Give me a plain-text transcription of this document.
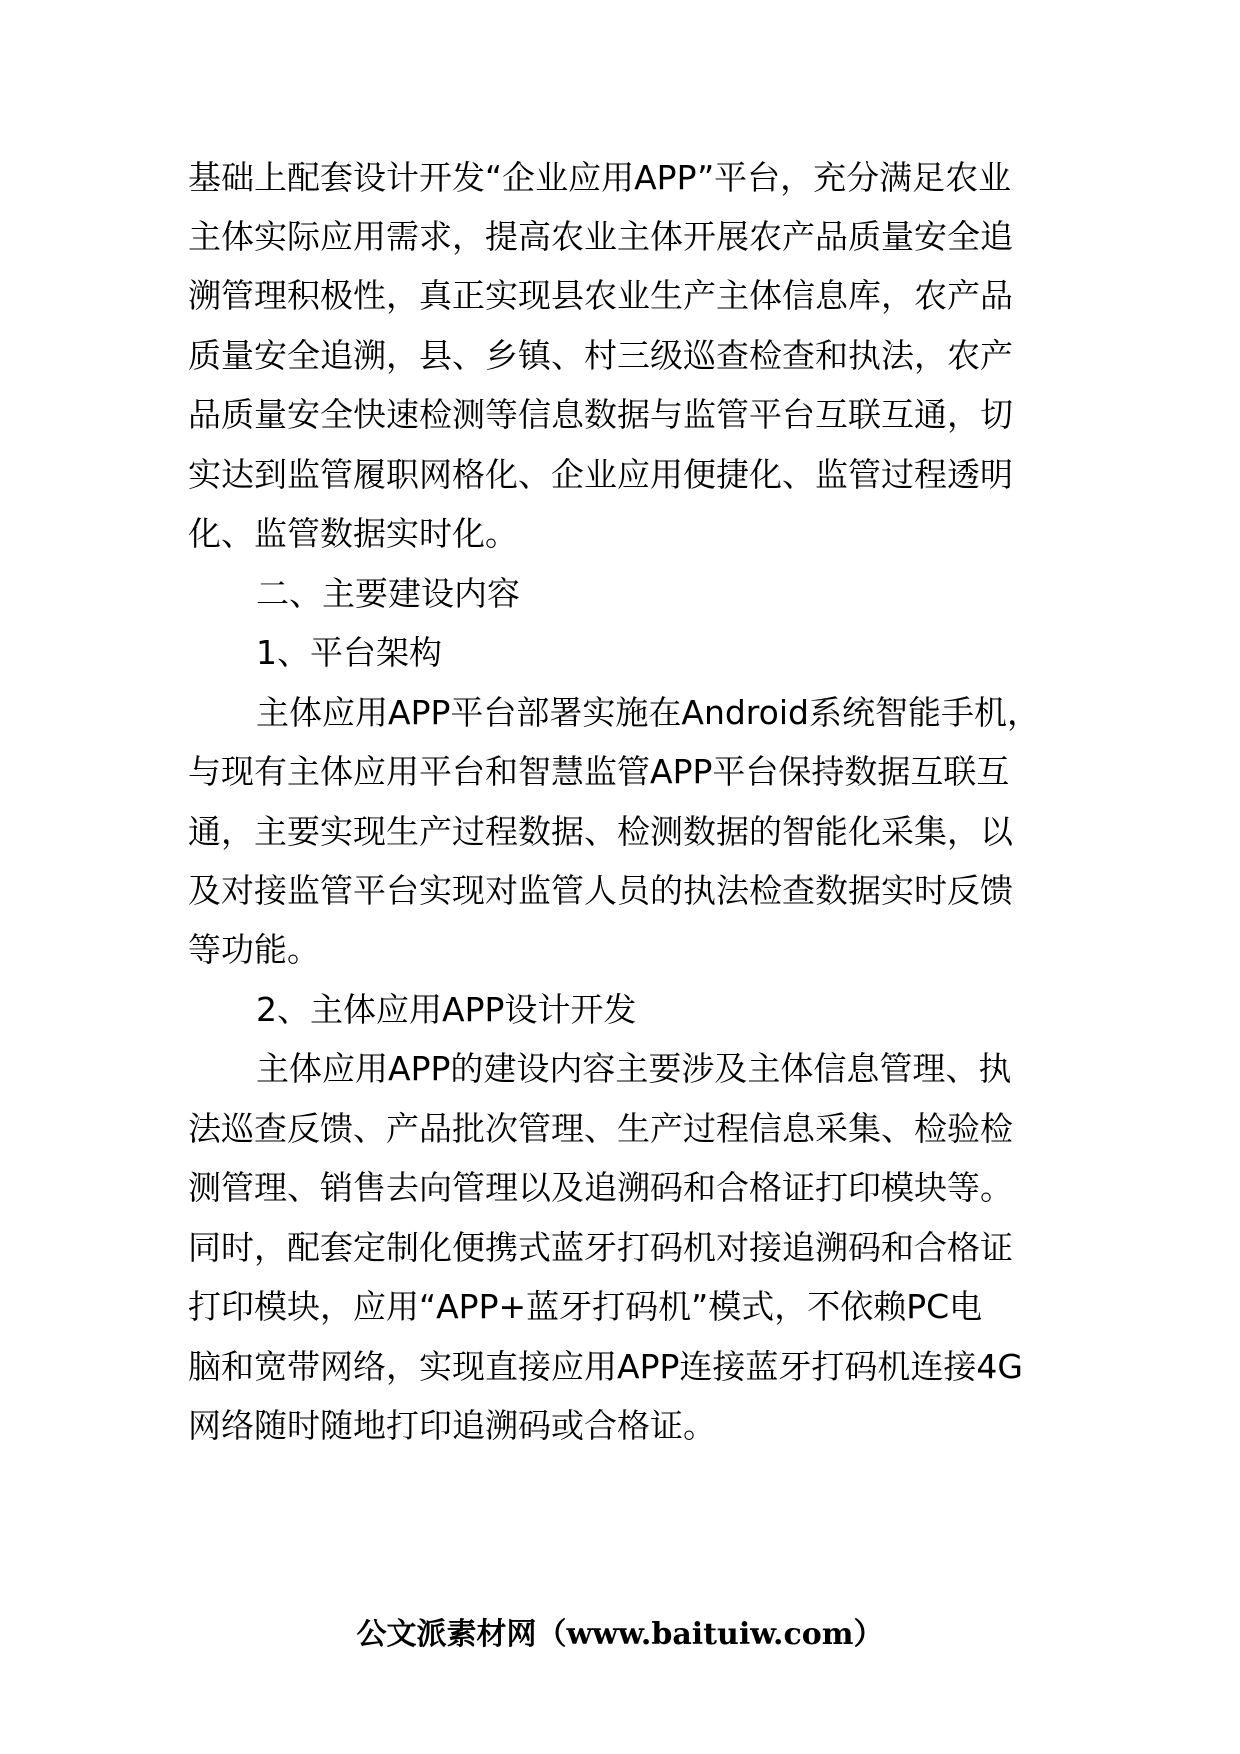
基础上配套设计开发“企业应用APP”平台，充分满足农业
主体实际应用需求，提高农业主体开展农产品质量安全追
溯管理积极性，真正实现县农业生产主体信息库，农产品
质量安全追溯，县、乡镇、村三级巡查检查和执法，农产
品质量安全快速检测等信息数据与监管平台互联互通，切
实达到监管履职网格化、企业应用便捷化、监管过程透明
化、监管数据实时化。
二、主要建设内容
1、平台架构
主体应用APP平台部署实施在Android系统智能手机，
与现有主体应用平台和智慧监管APP平台保持数据互联互
通，主要实现生产过程数据、检测数据的智能化采集，以
及对接监管平台实现对监管人员的执法检查数据实时反馈
等功能。
2、主体应用APP设计开发
主体应用APP的建设内容主要涉及主体信息管理、执
法巡查反馈、产品批次管理、生产过程信息采集、检验检
测管理、销售去向管理以及追溯码和合格证打印模块等。
同时，配套定制化便携式蓝牙打码机对接追溯码和合格证
打印模块，应用“APP+蓝牙打码机”模式，不依赖PC电
脑和宽带网络，实现直接应用APP连接蓝牙打码机连接4G
网络随时随地打印追溯码或合格证。
公文派素材网（www.baituiw.com）
